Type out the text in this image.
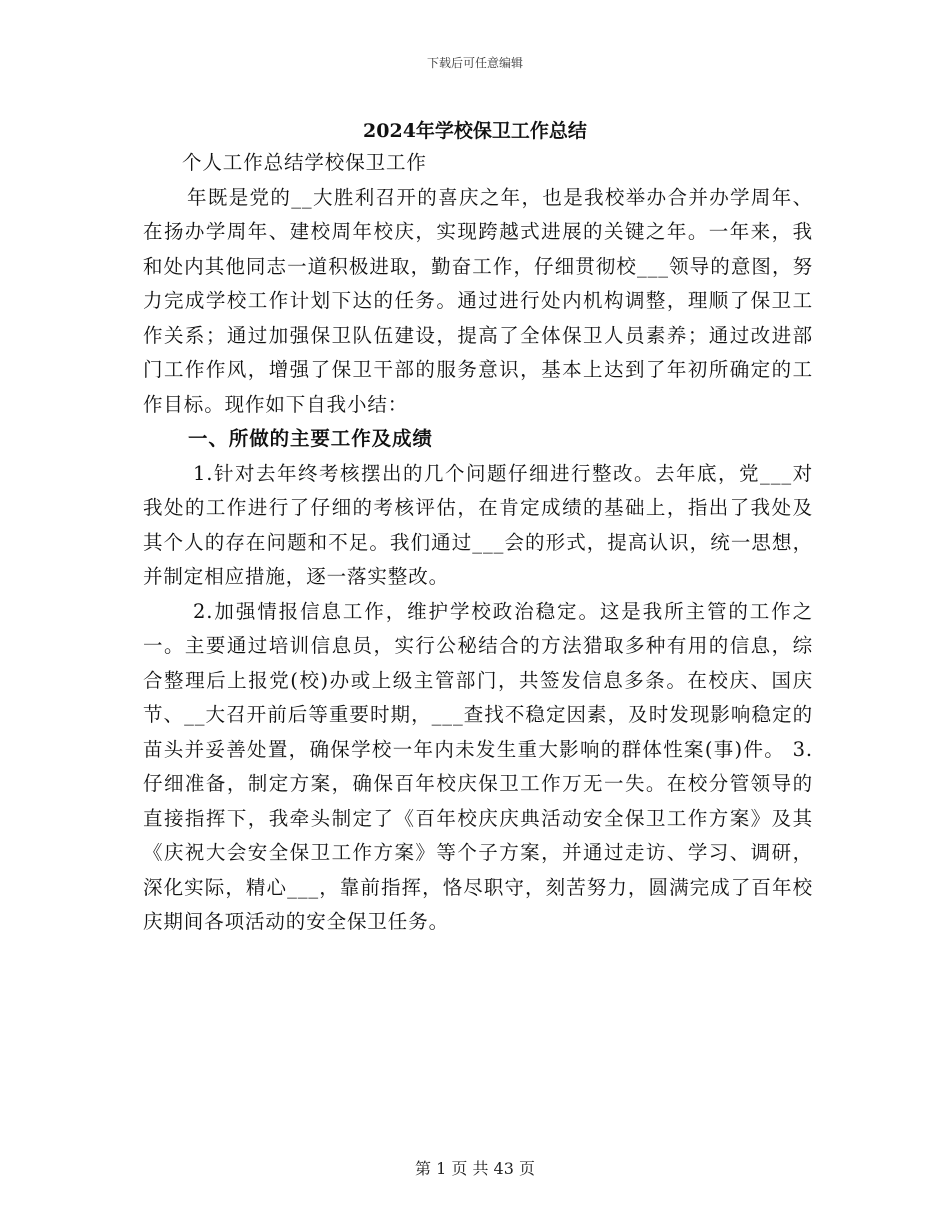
下载后可任意编辑
2024年学校保卫工作总结

个人工作总结学校保卫工作

年既是党的__大胜利召开的喜庆之年，也是我校举办合并办学周年、在扬办学周年、建校周年校庆，实现跨越式进展的关键之年。一年来，我和处内其他同志一道积极进取，勤奋工作，仔细贯彻校___领导的意图，努力完成学校工作计划下达的任务。通过进行处内机构调整，理顺了保卫工作关系；通过加强保卫队伍建设，提高了全体保卫人员素养；通过改进部门工作作风，增强了保卫干部的服务意识，基本上达到了年初所确定的工作目标。现作如下自我小结：

一、所做的主要工作及成绩

1.针对去年终考核摆出的几个问题仔细进行整改。去年底，党___对我处的工作进行了仔细的考核评估，在肯定成绩的基础上，指出了我处及其个人的存在问题和不足。我们通过___会的形式，提高认识，统一思想，并制定相应措施，逐一落实整改。

2.加强情报信息工作，维护学校政治稳定。这是我所主管的工作之一。主要通过培训信息员，实行公秘结合的方法猎取多种有用的信息，综合整理后上报党(校)办或上级主管部门，共签发信息多条。在校庆、国庆节、__大召开前后等重要时期，___查找不稳定因素，及时发现影响稳定的苗头并妥善处置，确保学校一年内未发生重大影响的群体性案(事)件。 3.仔细准备，制定方案，确保百年校庆保卫工作万无一失。在校分管领导的直接指挥下，我牵头制定了《百年校庆庆典活动安全保卫工作方案》及其《庆祝大会安全保卫工作方案》等个子方案，并通过走访、学习、调研，深化实际，精心___，靠前指挥，恪尽职守，刻苦努力，圆满完成了百年校庆期间各项活动的安全保卫任务。

第 1 页 共 43 页
